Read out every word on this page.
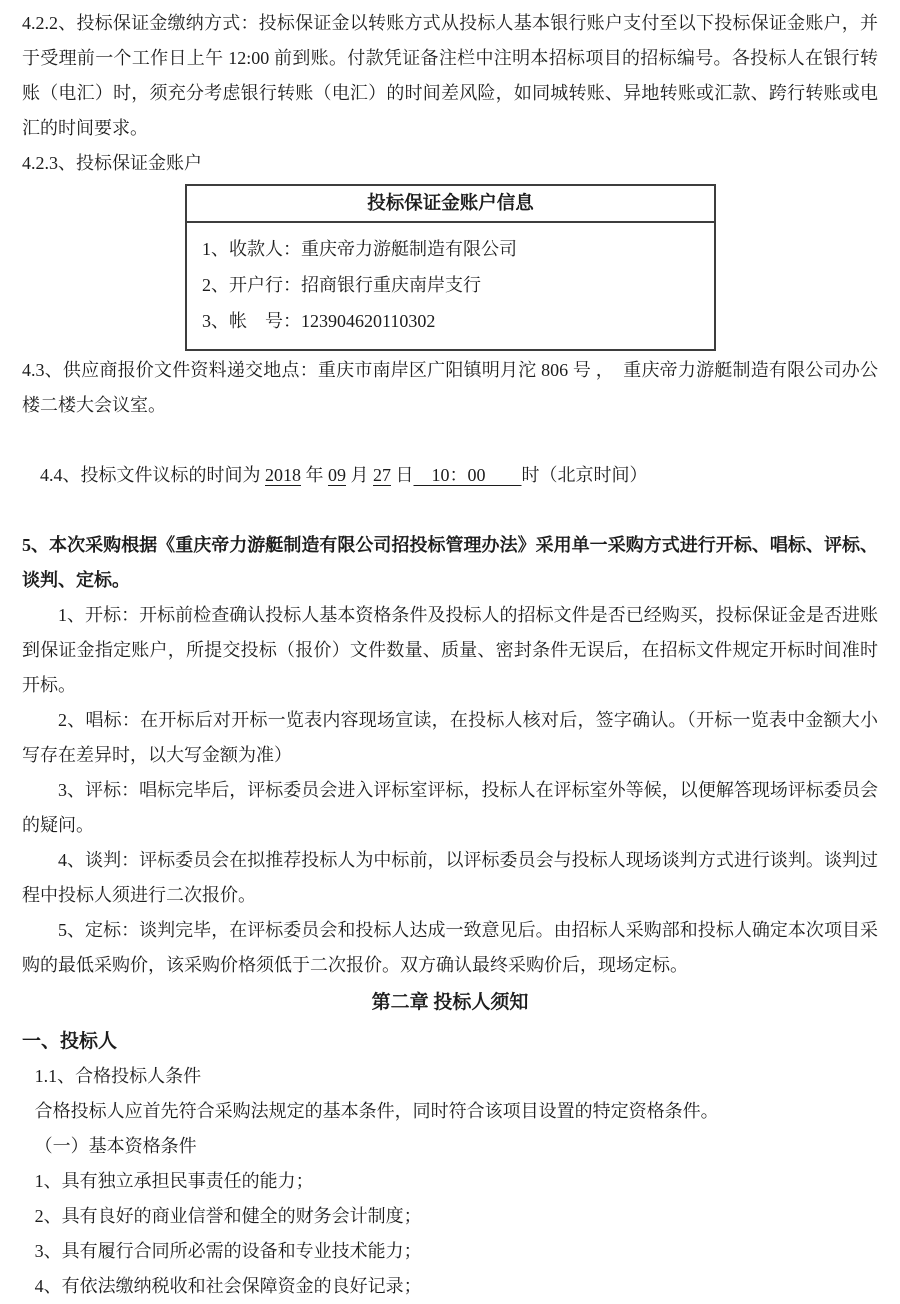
4.2.2、投标保证金缴纳方式：投标保证金以转账方式从投标人基本银行账户支付至以下投标保证金账户，并于受理前一个工作日上午 12:00 前到账。付款凭证备注栏中注明本招标项目的招标编号。各投标人在银行转账（电汇）时，须充分考虑银行转账（电汇）的时间差风险，如同城转账、异地转账或汇款、跨行转账或电汇的时间要求。

4.2.3、投标保证金账户

投标保证金账户信息
1、收款人：重庆帝力游艇制造有限公司
2、开户行：招商银行重庆南岸支行
3、帐　号：123904620110302

4.3、供应商报价文件资料递交地点：重庆市南岸区广阳镇明月沱 806 号 ，　重庆帝力游艇制造有限公司办公楼二楼大会议室。

4.4、投标文件议标的时间为 2018 年 09 月 27 日　10：00　　时（北京时间）

5、本次采购根据《重庆帝力游艇制造有限公司招投标管理办法》采用单一采购方式进行开标、唱标、评标、谈判、定标。

1、开标：开标前检查确认投标人基本资格条件及投标人的招标文件是否已经购买，投标保证金是否进账到保证金指定账户，所提交投标（报价）文件数量、质量、密封条件无误后，在招标文件规定开标时间准时开标。

2、唱标：在开标后对开标一览表内容现场宣读，在投标人核对后，签字确认。（开标一览表中金额大小写存在差异时，以大写金额为准）

3、评标：唱标完毕后，评标委员会进入评标室评标，投标人在评标室外等候，以便解答现场评标委员会的疑问。

4、谈判：评标委员会在拟推荐投标人为中标前，以评标委员会与投标人现场谈判方式进行谈判。谈判过程中投标人须进行二次报价。

5、定标：谈判完毕，在评标委员会和投标人达成一致意见后。由招标人采购部和投标人确定本次项目采购的最低采购价，该采购价格须低于二次报价。双方确认最终采购价后，现场定标。

第二章 投标人须知

一、投标人

1.1、合格投标人条件

合格投标人应首先符合采购法规定的基本条件，同时符合该项目设置的特定资格条件。

（一）基本资格条件

1、具有独立承担民事责任的能力；

2、具有良好的商业信誉和健全的财务会计制度；

3、具有履行合同所必需的设备和专业技术能力；

4、有依法缴纳税收和社会保障资金的良好记录；
